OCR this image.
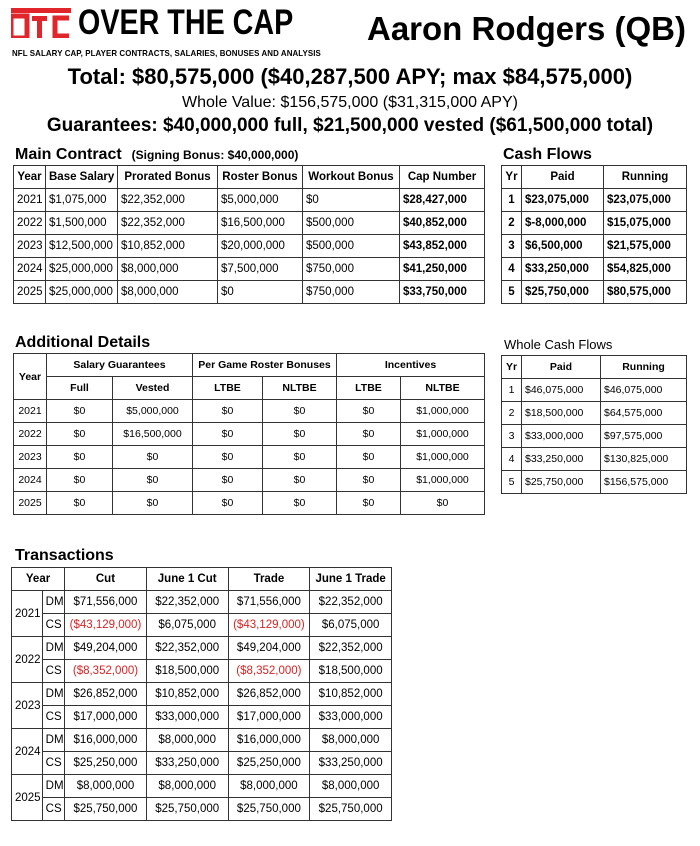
OVER THE CAP
NFL SALARY CAP, PLAYER CONTRACTS, SALARIES, BONUSES AND ANALYSIS
Aaron Rodgers (QB)
Total: $80,575,000 ($40,287,500 APY; max $84,575,000)
Whole Value: $156,575,000 ($31,315,000 APY)
Guarantees: $40,000,000 full, $21,500,000 vested ($61,500,000 total)
Main Contract (Signing Bonus: $40,000,000)
Year	Base Salary	Prorated Bonus	Roster Bonus	Workout Bonus	Cap Number
2021	$1,075,000	$22,352,000	$5,000,000	$0	$28,427,000
2022	$1,500,000	$22,352,000	$16,500,000	$500,000	$40,852,000
2023	$12,500,000	$10,852,000	$20,000,000	$500,000	$43,852,000
2024	$25,000,000	$8,000,000	$7,500,000	$750,000	$41,250,000
2025	$25,000,000	$8,000,000	$0	$750,000	$33,750,000
Cash Flows
Yr	Paid	Running
1	$23,075,000	$23,075,000
2	$-8,000,000	$15,075,000
3	$6,500,000	$21,575,000
4	$33,250,000	$54,825,000
5	$25,750,000	$80,575,000
Additional Details
Year	Salary Guarantees		Per Game Roster Bonuses		Incentives	
	Full	Vested	LTBE	NLTBE	LTBE	NLTBE
2021	$0	$5,000,000	$0	$0	$0	$1,000,000
2022	$0	$16,500,000	$0	$0	$0	$1,000,000
2023	$0	$0	$0	$0	$0	$1,000,000
2024	$0	$0	$0	$0	$0	$1,000,000
2025	$0	$0	$0	$0	$0	$0
Whole Cash Flows
Yr	Paid	Running
1	$46,075,000	$46,075,000
2	$18,500,000	$64,575,000
3	$33,000,000	$97,575,000
4	$33,250,000	$130,825,000
5	$25,750,000	$156,575,000
Transactions
Year		Cut	June 1 Cut	Trade	June 1 Trade
2021	DM	$71,556,000	$22,352,000	$71,556,000	$22,352,000
	CS	($43,129,000)	$6,075,000	($43,129,000)	$6,075,000
2022	DM	$49,204,000	$22,352,000	$49,204,000	$22,352,000
	CS	($8,352,000)	$18,500,000	($8,352,000)	$18,500,000
2023	DM	$26,852,000	$10,852,000	$26,852,000	$10,852,000
	CS	$17,000,000	$33,000,000	$17,000,000	$33,000,000
2024	DM	$16,000,000	$8,000,000	$16,000,000	$8,000,000
	CS	$25,250,000	$33,250,000	$25,250,000	$33,250,000
2025	DM	$8,000,000	$8,000,000	$8,000,000	$8,000,000
	CS	$25,750,000	$25,750,000	$25,750,000	$25,750,000
